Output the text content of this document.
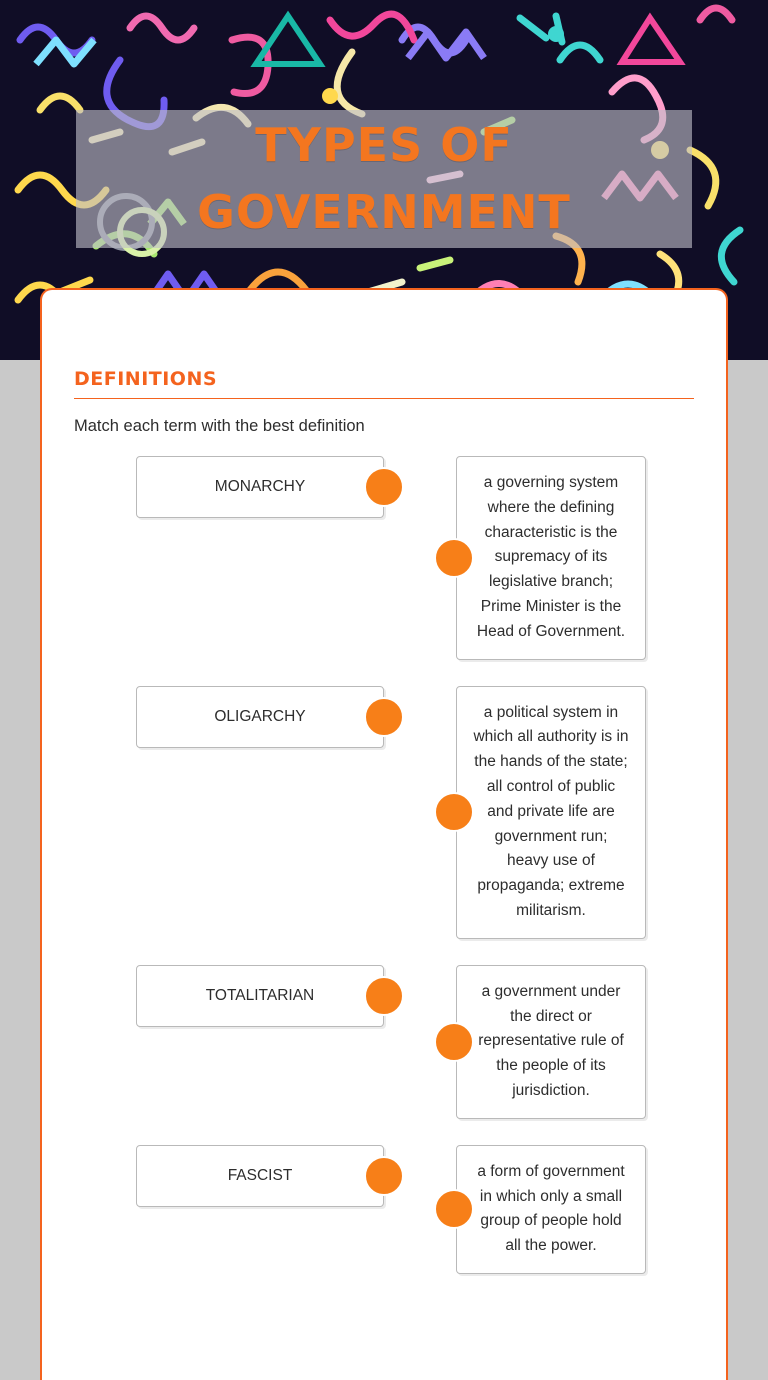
TYPES OF GOVERNMENT
DEFINITIONS
Match each term with the best definition
MONARCHY	a governing system where the defining characteristic is the supremacy of its legislative branch; Prime Minister is the Head of Government.
OLIGARCHY	a political system in which all authority is in the hands of the state; all control of public and private life are government run; heavy use of propaganda; extreme militarism.
TOTALITARIAN	a government under the direct or representative rule of the people of its jurisdiction.
FASCIST	a form of government in which only a small group of people hold all the power.
